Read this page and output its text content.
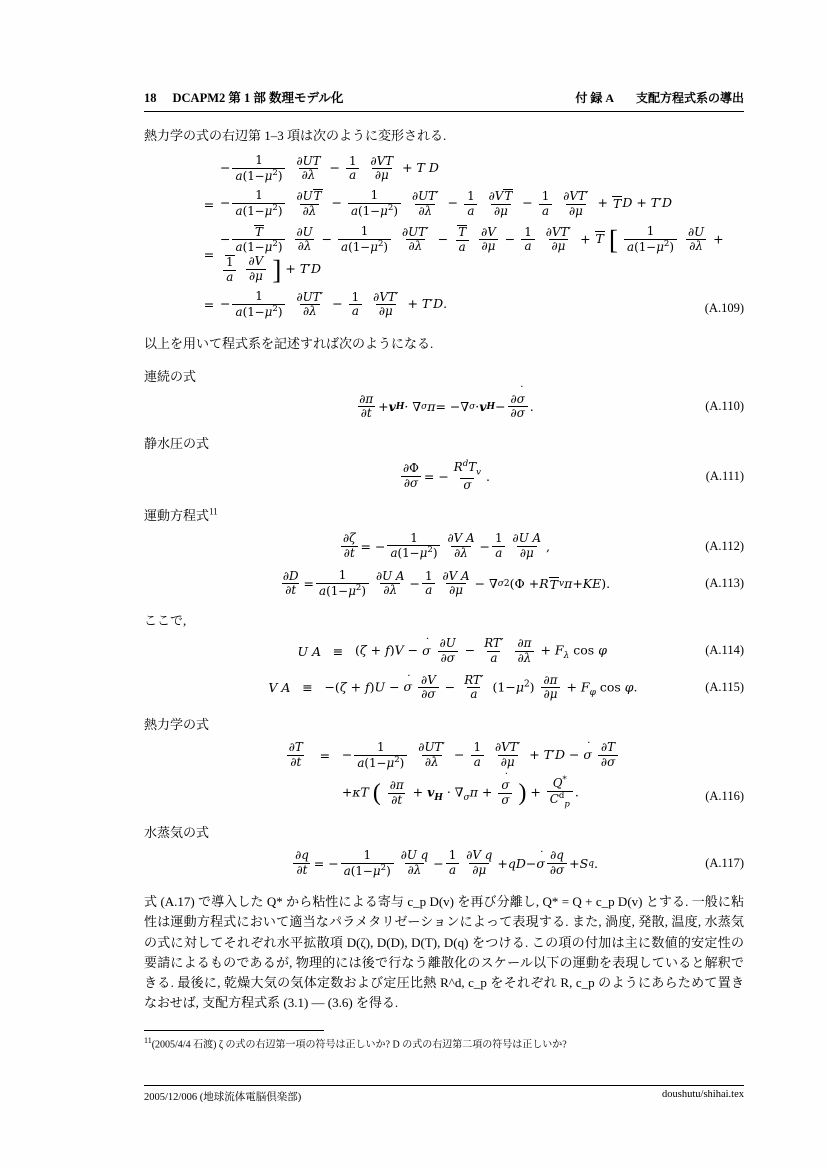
18 DCAPM2 第 1 部 数理モデル化	付 録 A 支配方程式系の導出
熱力学の式の右辺第 1–3 項は次のように変形される.
− $\frac{1}{a(1-\mu^2)}$
$\frac{\partial UT}{\partial\lambda} - \frac{1}{a}$
$\frac{\partial VT}{\partial\mu} + T$ D
= − $\frac{1}{a(1-\mu^2)}$
$\frac{\partial UT}{\partial\lambda} - \frac{1}{a(1-\mu^2)}$
$\frac{\partial UT'}{\partial\lambda} - \frac{1}{a}$
$\frac{\partial VT}{\partial\mu} - \frac{1}{a}$
$\frac{\partial VT'}{\partial\mu}$ + TD + T′D
=
− $\frac{T}{a(1-\mu^2)}$
$\frac{\partial U}{\partial\lambda} - \frac{1}{a(1-\mu^2)}$
$\frac{\partial UT'}{\partial\lambda} - \frac{T}{a}$
$\frac{\partial V}{\partial\mu} - \frac{1}{a}$
$\frac{\partial VT'}{\partial\mu} + T$ [ $\frac{1}{a(1-\mu^2)}$
$\frac{\partial U}{\partial\lambda}$ +
$\frac{1}{a}$
$\frac{\partial V}{\partial\mu}$ ] + T′D
= − $\frac{1}{a(1-\mu^2)}$
$\frac{\partial UT'}{\partial\lambda} - \frac{1}{a}$
$\frac{\partial VT'}{\partial\mu} + T'D$.	(A.109)
以上を用いて程式系を記述すれば次のようになる.
連続の式
$\frac{\partial\pi}{\partial t} + v$ H · ∇ σ π = −∇ σ · v $H - \frac{\partial˙ \sigma}{\partial\sigma}$ .	(A.110)
静水圧の式
$\frac{\partial\Phi}{\partial\sigma}$ = − $\frac{R^dT_v}{\sigma}$ .	(A.111)
運動方程式$^{11}$
$\frac{\partial\zeta}{\partial t}$ = − $\frac{1}{a(1-\mu^2)} \frac{\text{∂V A}}{\partial\lambda} - \frac{1}{a} \frac{\text{∂U A}}{\partial\mu}$ ,	(A.112)
$\frac{\partial D}{\partial t} = \frac{1}{a(1-\mu^2)} \frac{\text{∂U A}}{\partial\lambda} - \frac{1}{a} \frac{\text{∂V A}}{\partial\mu}$ − ∇ σ 2 (Φ + R T v π + KE ).	(A.113)
ここで,
U A ≡ (ζ + f)V − ˙ σ $\frac{\partial U}{\partial\sigma} - \frac{RT'}{a}$
$\frac{\partial\pi}{\partial\lambda} + F_\lambda$ cos φ	(A.114)
V A ≡ −(ζ + f)U − ˙ σ $\frac{\partial V}{\partial\sigma} - \frac{RT'}{a} (1-\mu^2) \frac{\partial\pi}{\partial\mu} + F_\varphi$ cos φ.	(A.115)
熱力学の式
$\frac{\partial T}{\partial t}$	= − $\frac{1}{a(1-\mu^2)}$
$\frac{\partial UT'}{\partial\lambda} - \frac{1}{a}$
$\frac{\partial VT'}{\partial\mu} + T'D$ − ˙ σ $\frac{\partial T}{\partial\sigma}$
+κT ( $\frac{\partial\pi}{\partial t} + v_H \cdot \nabla_\sigma\pi$ + ˙ $\frac{\sigma}{\sigma}$ ) + $\frac{Q^*}{C^d_p}$ .	(A.116)
水蒸気の式
$\frac{\partial q}{\partial t}$ = − $\frac{1}{a(1-\mu^2)} \frac{\text{∂U q}}{\partial\lambda} - \frac{1}{a} \frac{\text{∂V q}}{\partial\mu}$ + qD − ˙ σ $\frac{\partial q}{\partial\sigma} + S$ q .	(A.117)
式 (A.17) で導入した Q* から粘性による寄与 c_p D(v) を再び分離し, Q* = Q + c_p D(v) とする. 一般に粘性は運動方程式において適当なパラメタリゼーションによって表現する. また, 渦度, 発散, 温度, 水蒸気の式に対してそれぞれ水平拡散項 D(ζ), D(D), D(T), D(q) をつける. この項の付加は主に数値的安定性の要請によるものであるが, 物理的には後で行なう離散化のスケール以下の運動を表現していると解釈できる. 最後に, 乾燥大気の気体定数および定圧比熱 R^d, c_p をそれぞれ R, c_p のようにあらためて置きなおせば, 支配方程式系 (3.1) — (3.6) を得る.
$^{11}$(2005/4/4 石渡) ζ の式の右辺第一項の符号は正しいか? D の式の右辺第二項の符号は正しいか?
2005/12/006 (地球流体電脳倶楽部)	doushutu/shihai.tex
